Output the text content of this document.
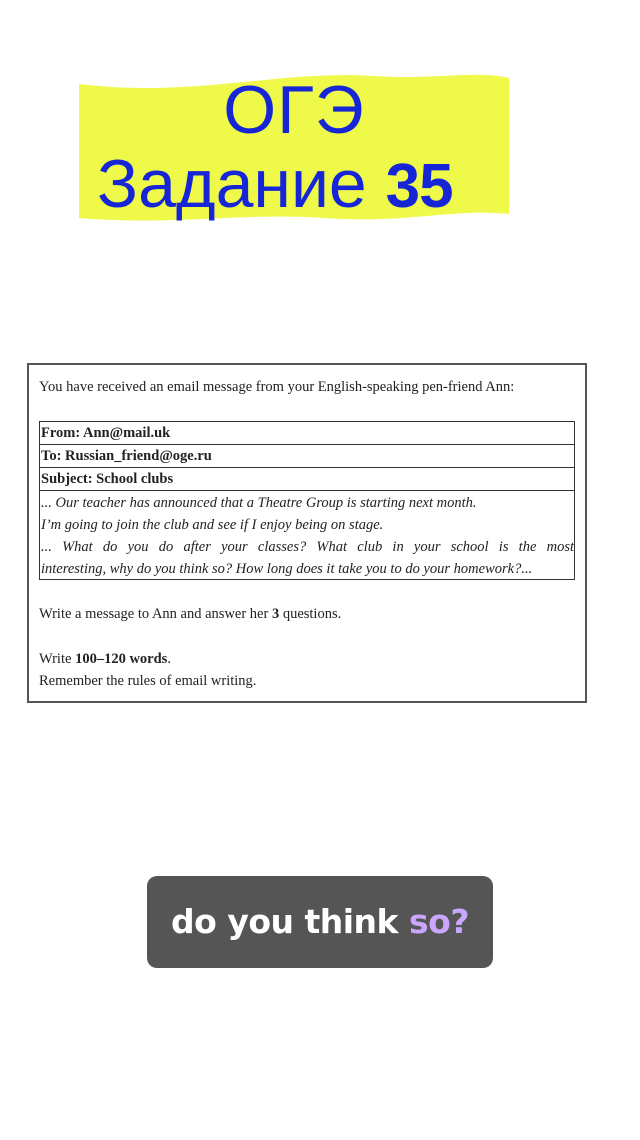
ОГЭ
Задание 35
You have received an email message from your English-speaking pen-friend Ann:
From: Ann@mail.uk
To: Russian_friend@oge.ru
Subject: School clubs
... Our teacher has announced that a Theatre Group is starting next month.
I’m going to join the club and see if I enjoy being on stage.
... What do you do after your classes? What club in your school is the most
interesting, why do you think so? How long does it take you to do your homework?...
Write a message to Ann and answer her 3 questions.
Write 100–120 words.
Remember the rules of email writing.
do you think so?
